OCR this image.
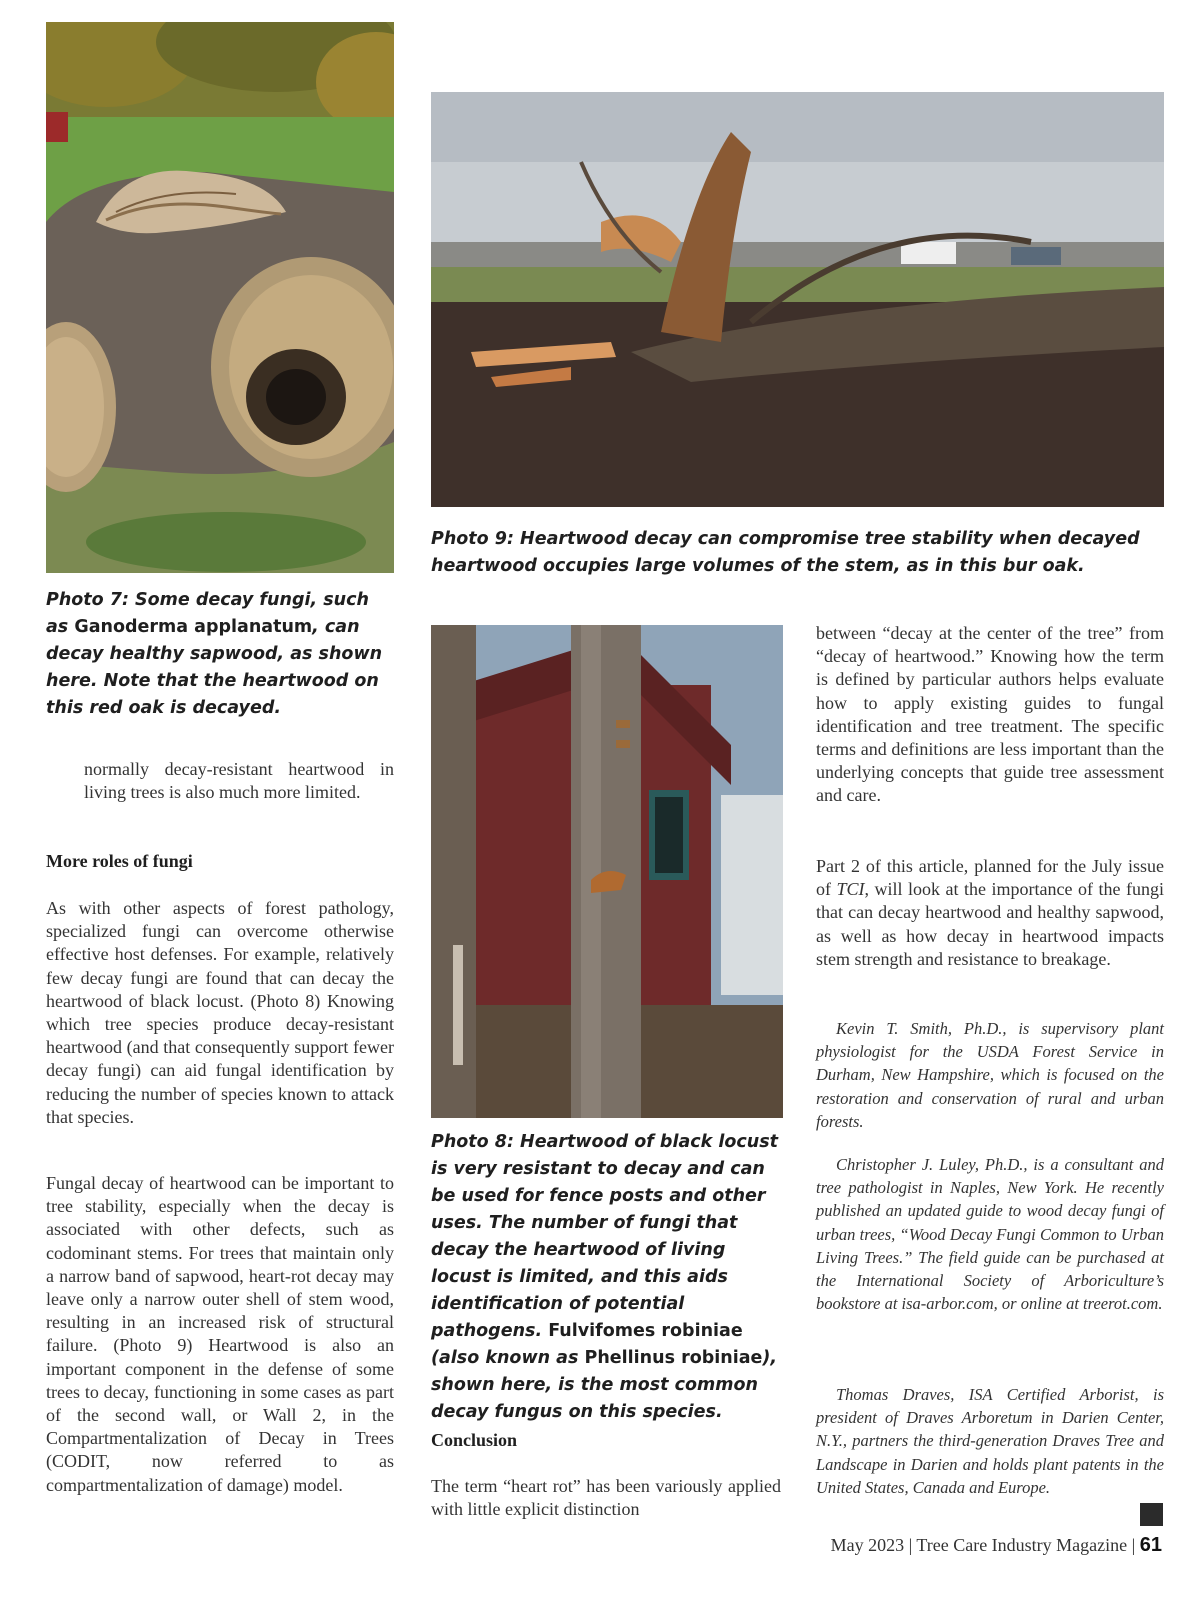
Photo 7: Some decay fungi, such as Ganoderma applanatum, can decay healthy sapwood, as shown here. Note that the heartwood on this red oak is decayed.

Photo 9: Heartwood decay can compromise tree stability when decayed heartwood occupies large volumes of the stem, as in this bur oak.

Photo 8: Heartwood of black locust is very resistant to decay and can be used for fence posts and other uses. The number of fungi that decay the heartwood of living locust is limited, and this aids identification of potential pathogens. Fulvifomes robiniae (also known as Phellinus robiniae), shown here, is the most common decay fungus on this species.

normally decay-resistant heartwood in living trees is also much more limited.

More roles of fungi

As with other aspects of forest pathology, specialized fungi can overcome otherwise effective host defenses. For example, relatively few decay fungi are found that can decay the heartwood of black locust. (Photo 8) Knowing which tree species produce decay-resistant heartwood (and that consequently support fewer decay fungi) can aid fungal identification by reducing the number of species known to attack that species.

Fungal decay of heartwood can be important to tree stability, especially when the decay is associated with other defects, such as codominant stems. For trees that maintain only a narrow band of sapwood, heart-rot decay may leave only a narrow outer shell of stem wood, resulting in an increased risk of structural failure. (Photo 9) Heartwood is also an important component in the defense of some trees to decay, functioning in some cases as part of the second wall, or Wall 2, in the Compartmentalization of Decay in Trees (CODIT, now referred to as compartmentalization of damage) model.

Conclusion

The term “heart rot” has been variously applied with little explicit distinction

between “decay at the center of the tree” from “decay of heartwood.” Knowing how the term is defined by particular authors helps evaluate how to apply existing guides to fungal identification and tree treatment. The specific terms and definitions are less important than the underlying concepts that guide tree assessment and care.

Part 2 of this article, planned for the July issue of TCI, will look at the importance of the fungi that can decay heartwood and healthy sapwood, as well as how decay in heartwood impacts stem strength and resistance to breakage.

Kevin T. Smith, Ph.D., is supervisory plant physiologist for the USDA Forest Service in Durham, New Hampshire, which is focused on the restoration and conservation of rural and urban forests.

Christopher J. Luley, Ph.D., is a consultant and tree pathologist in Naples, New York. He recently published an updated guide to wood decay fungi of urban trees, “Wood Decay Fungi Common to Urban Living Trees.” The field guide can be purchased at the International Society of Arboriculture’s bookstore at isa-arbor.com, or online at treerot.com.

Thomas Draves, ISA Certified Arborist, is president of Draves Arboretum in Darien Center, N.Y., partners the third-generation Draves Tree and Landscape in Darien and holds plant patents in the United States, Canada and Europe.

May 2023 | Tree Care Industry Magazine | 61
